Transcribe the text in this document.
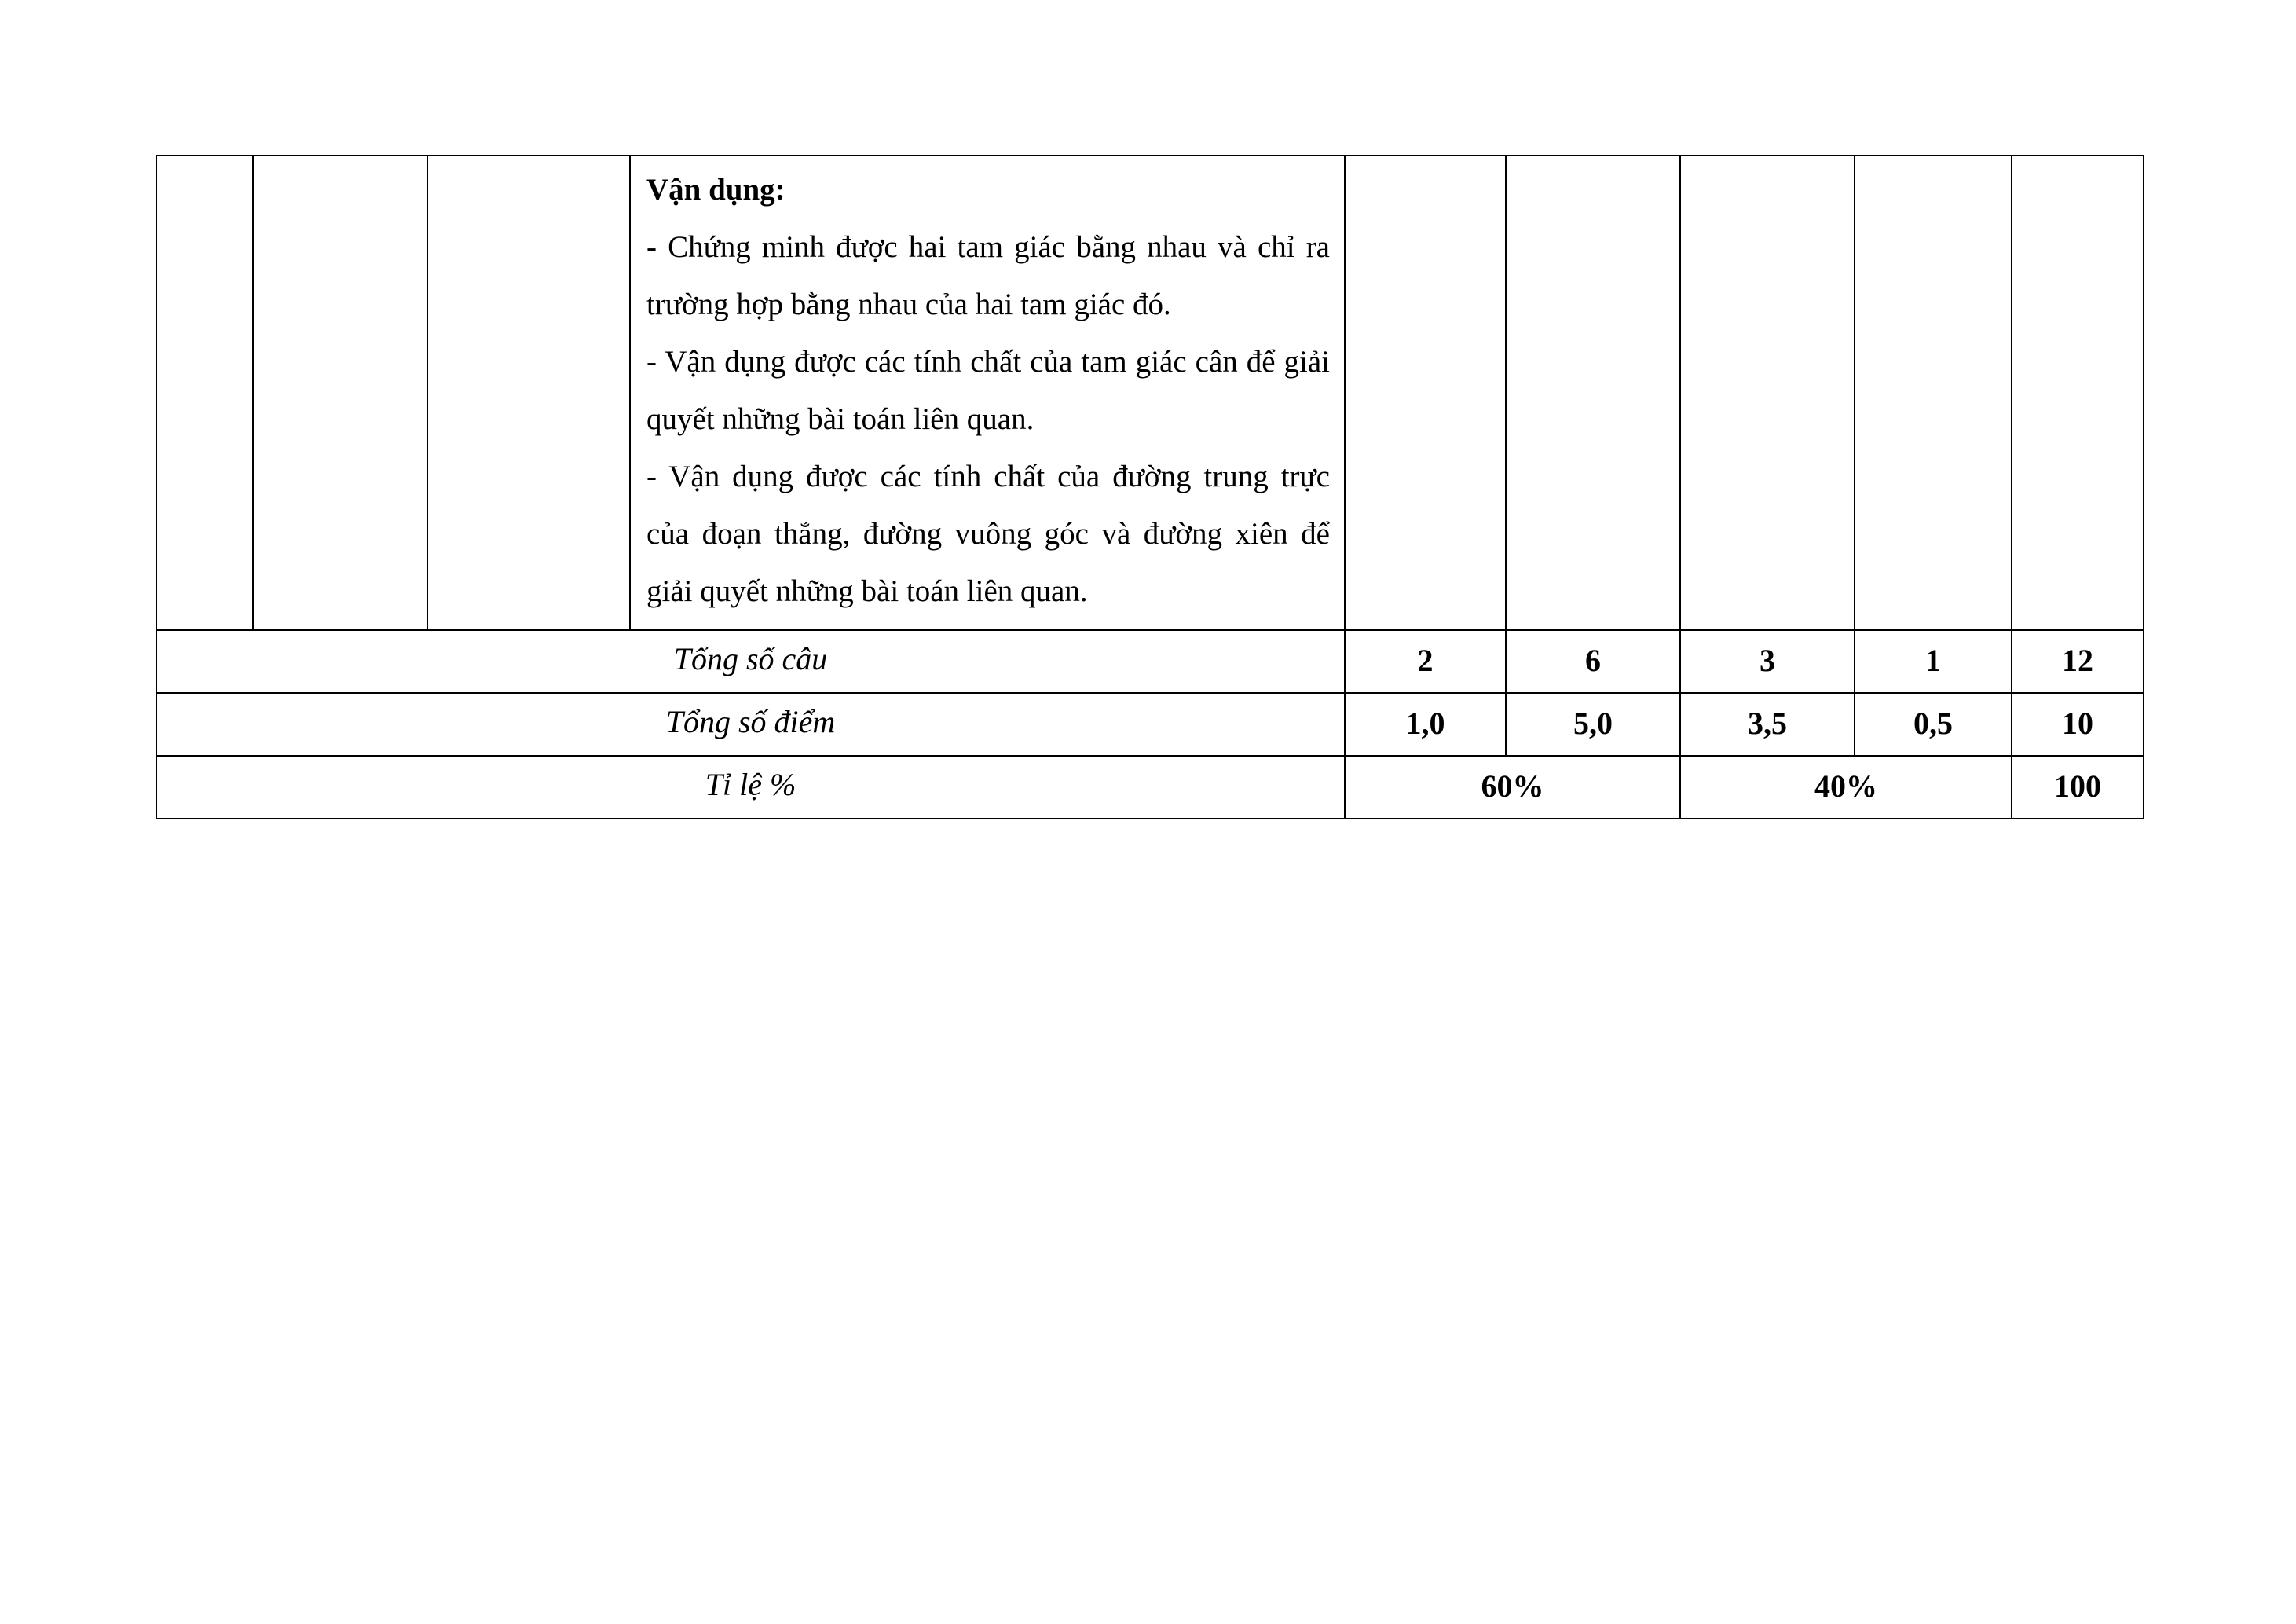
			Vận dụng:
- Chứng minh được hai tam giác bằng nhau và chỉ ra trường hợp bằng nhau của hai tam giác đó.
- Vận dụng được các tính chất của tam giác cân để giải quyết những bài toán liên quan.
- Vận dụng được các tính chất của đường trung trực của đoạn thẳng, đường vuông góc và đường xiên để giải quyết những bài toán liên quan.					

Tổng số câu				2	6	3	1	12
Tổng số điểm				1,0	5,0	3,5	0,5	10
Tỉ lệ %				60%		40%		100
